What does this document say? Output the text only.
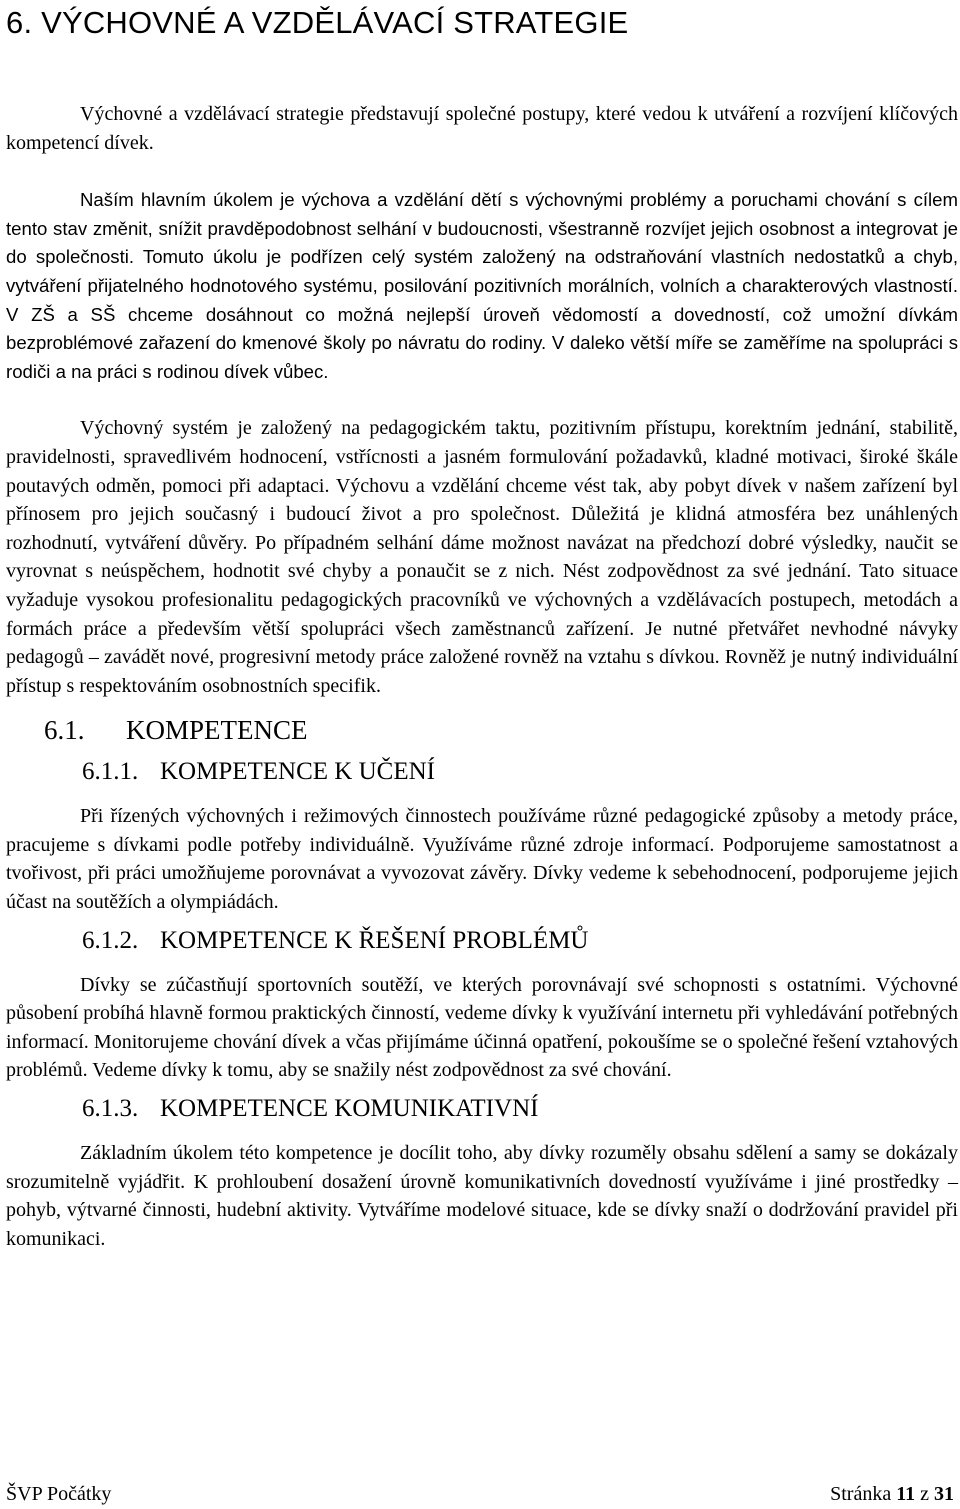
6. VÝCHOVNÉ A VZDĚLÁVACÍ STRATEGIE

Výchovné a vzdělávací strategie představují společné postupy, které vedou k utváření a rozvíjení klíčových kompetencí dívek.

Naším hlavním úkolem je výchova a vzdělání dětí s výchovnými problémy a poruchami chování s cílem tento stav změnit, snížit pravděpodobnost selhání v budoucnosti, všestranně rozvíjet jejich osobnost a integrovat je do společnosti. Tomuto úkolu je podřízen celý systém založený na odstraňování vlastních nedostatků a chyb, vytváření přijatelného hodnotového systému, posilování pozitivních morálních, volních a charakterových vlastností. V ZŠ a SŠ chceme dosáhnout co možná nejlepší úroveň vědomostí a dovedností, což umožní dívkám bezproblémové zařazení do kmenové školy po návratu do rodiny. V daleko větší míře se zaměříme na spolupráci s rodiči a na práci s rodinou dívek vůbec.

Výchovný systém je založený na pedagogickém taktu, pozitivním přístupu, korektním jednání, stabilitě, pravidelnosti, spravedlivém hodnocení, vstřícnosti a jasném formulování požadavků, kladné motivaci, široké škále poutavých odměn, pomoci při adaptaci. Výchovu a vzdělání chceme vést tak, aby pobyt dívek v našem zařízení byl přínosem pro jejich současný i budoucí život a pro společnost. Důležitá je klidná atmosféra bez unáhlených rozhodnutí, vytváření důvěry. Po případném selhání dáme možnost navázat na předchozí dobré výsledky, naučit se vyrovnat s neúspěchem, hodnotit své chyby a ponaučit se z nich. Nést zodpovědnost za své jednání. Tato situace vyžaduje vysokou profesionalitu pedagogických pracovníků ve výchovných a vzdělávacích postupech, metodách a formách práce a především větší spolupráci všech zaměstnanců zařízení. Je nutné přetvářet nevhodné návyky pedagogů – zavádět nové, progresivní metody práce založené rovněž na vztahu s dívkou. Rovněž je nutný individuální přístup s respektováním osobnostních specifik.

6.1. KOMPETENCE
6.1.1. KOMPETENCE K UČENÍ

Při řízených výchovných i režimových činnostech používáme různé pedagogické způsoby a metody práce, pracujeme s dívkami podle potřeby individuálně. Využíváme různé zdroje informací. Podporujeme samostatnost a tvořivost, při práci umožňujeme porovnávat a vyvozovat závěry. Dívky vedeme k sebehodnocení, podporujeme jejich účast na soutěžích a olympiádách.

6.1.2. KOMPETENCE K ŘEŠENÍ PROBLÉMŮ

Dívky se zúčastňují sportovních soutěží, ve kterých porovnávají své schopnosti s ostatními. Výchovné působení probíhá hlavně formou praktických činností, vedeme dívky k využívání internetu při vyhledávání potřebných informací. Monitorujeme chování dívek a včas přijímáme účinná opatření, pokoušíme se o společné řešení vztahových problémů. Vedeme dívky k tomu, aby se snažily nést zodpovědnost za své chování.

6.1.3. KOMPETENCE KOMUNIKATIVNÍ

Základním úkolem této kompetence je docílit toho, aby dívky rozuměly obsahu sdělení a samy se dokázaly srozumitelně vyjádřit. K prohloubení dosažení úrovně komunikativních dovedností využíváme i jiné prostředky – pohyb, výtvarné činnosti, hudební aktivity. Vytváříme modelové situace, kde se dívky snaží o dodržování pravidel při komunikaci.

ŠVP Počátky	Stránka 11 z 31
